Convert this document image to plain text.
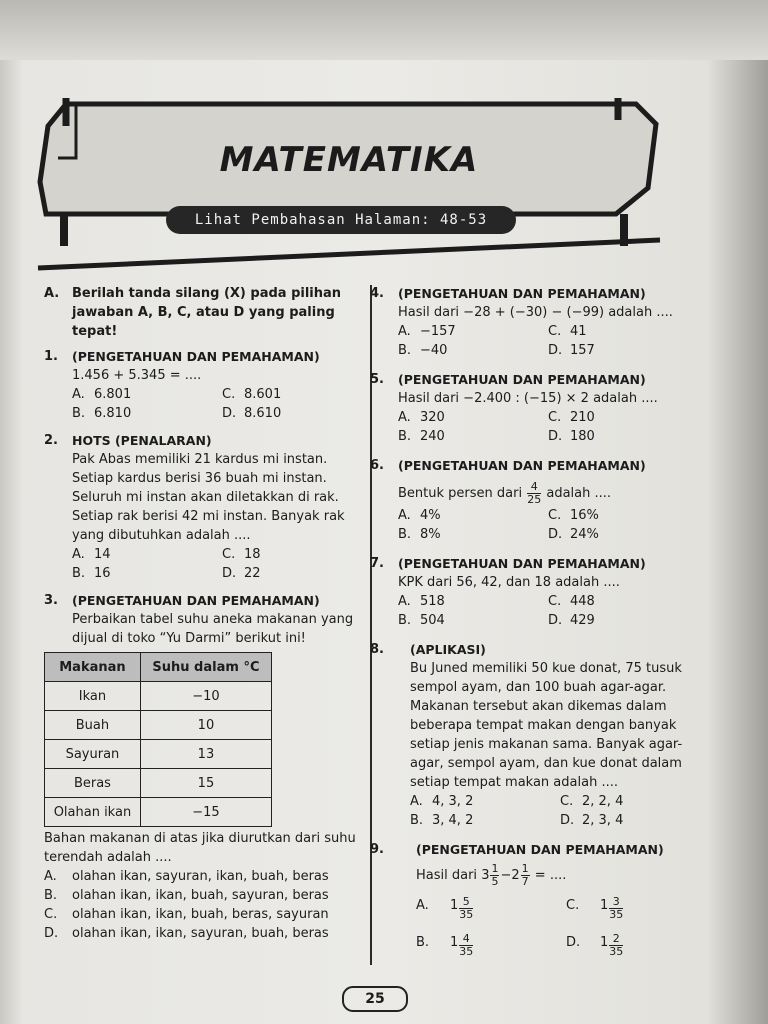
MATEMATIKA
Lihat Pembahasan Halaman: 48-53
A. Berilah tanda silang (X) pada pilihan jawaban A, B, C, atau D yang paling tepat!
1. (PENGETAHUAN DAN PEMAHAMAN)
1.456 + 5.345 = ....
A. 6.801	C. 8.601
B. 6.810	D. 8.610
2. HOTS (PENALARAN)
Pak Abas memiliki 21 kardus mi instan. Setiap kardus berisi 36 buah mi instan. Seluruh mi instan akan diletakkan di rak. Setiap rak berisi 42 mi instan. Banyak rak yang dibutuhkan adalah ....
A. 14	C. 18
B. 16	D. 22
3. (PENGETAHUAN DAN PEMAHAMAN)
Perbaikan tabel suhu aneka makanan yang dijual di toko “Yu Darmi” berikut ini!
Makanan	Suhu dalam °C
Ikan	−10
Buah	10
Sayuran	13
Beras	15
Olahan ikan	−15
Bahan makanan di atas jika diurutkan dari suhu terendah adalah ....
A.	olahan ikan, sayuran, ikan, buah, beras
B.	olahan ikan, ikan, buah, sayuran, beras
C.	olahan ikan, ikan, buah, beras, sayuran
D.	olahan ikan, ikan, sayuran, buah, beras
4. (PENGETAHUAN DAN PEMAHAMAN)
Hasil dari −28 + (−30) − (−99) adalah ....
A. −157	C. 41
B. −40	D. 157
5. (PENGETAHUAN DAN PEMAHAMAN)
Hasil dari −2.400 : (−15) × 2 adalah ....
A. 320	C. 210
B. 240	D. 180
6. (PENGETAHUAN DAN PEMAHAMAN)
Bentuk persen dari $\frac{4}{25}$ adalah ....
A. 4%	C. 16%
B. 8%	D. 24%
7. (PENGETAHUAN DAN PEMAHAMAN)
KPK dari 56, 42, dan 18 adalah ....
A. 518	C. 448
B. 504	D. 429
8. (APLIKASI)
Bu Juned memiliki 50 kue donat, 75 tusuk sempol ayam, dan 100 buah agar-agar. Makanan tersebut akan dikemas dalam beberapa tempat makan dengan banyak setiap jenis makanan sama. Banyak agar-agar, sempol ayam, dan kue donat dalam setiap tempat makan adalah ....
A. 4, 3, 2	C. 2, 2, 4
B. 3, 4, 2	D. 2, 3, 4
9.	(PENGETAHUAN DAN PEMAHAMAN)
Hasil dari $3 \frac{1}{5} -2 \frac{1}{7}$ = ....
A.	$1 \frac{5}{35}$	C.	$1 \frac{3}{35}$
B.	$1 \frac{4}{35}$	D.	$1 \frac{2}{35}$
25
